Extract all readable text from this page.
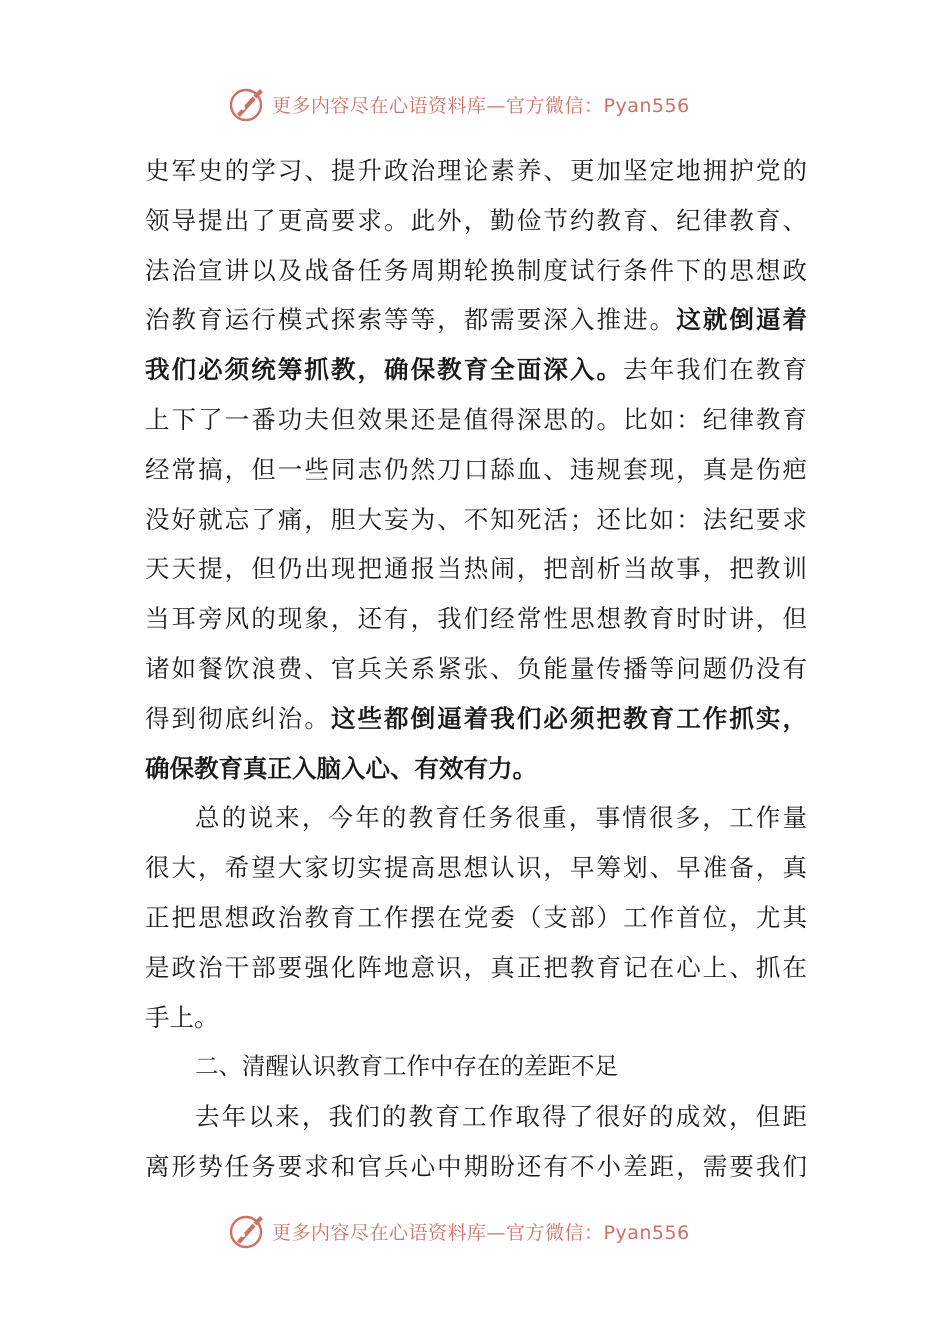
更多内容尽在心语资料库—官方微信：Pyan556
史军史的学习、提升政治理论素养、更加坚定地拥护党的
领导提出了更高要求。此外，勤俭节约教育、纪律教育、
法治宣讲以及战备任务周期轮换制度试行条件下的思想政
治教育运行模式探索等等，都需要深入推进。这就倒逼着
我们必须统筹抓教，确保教育全面深入。去年我们在教育
上下了一番功夫但效果还是值得深思的。比如：纪律教育
经常搞，但一些同志仍然刀口舔血、违规套现，真是伤疤
没好就忘了痛，胆大妄为、不知死活；还比如：法纪要求
天天提，但仍出现把通报当热闹，把剖析当故事，把教训
当耳旁风的现象，还有，我们经常性思想教育时时讲，但
诸如餐饮浪费、官兵关系紧张、负能量传播等问题仍没有
得到彻底纠治。这些都倒逼着我们必须把教育工作抓实，
确保教育真正入脑入心、有效有力。
总的说来，今年的教育任务很重，事情很多，工作量
很大，希望大家切实提高思想认识，早筹划、早准备，真
正把思想政治教育工作摆在党委（支部）工作首位，尤其
是政治干部要强化阵地意识，真正把教育记在心上、抓在
手上。
二、清醒认识教育工作中存在的差距不足
去年以来，我们的教育工作取得了很好的成效，但距
离形势任务要求和官兵心中期盼还有不小差距，需要我们
更多内容尽在心语资料库—官方微信：Pyan556
